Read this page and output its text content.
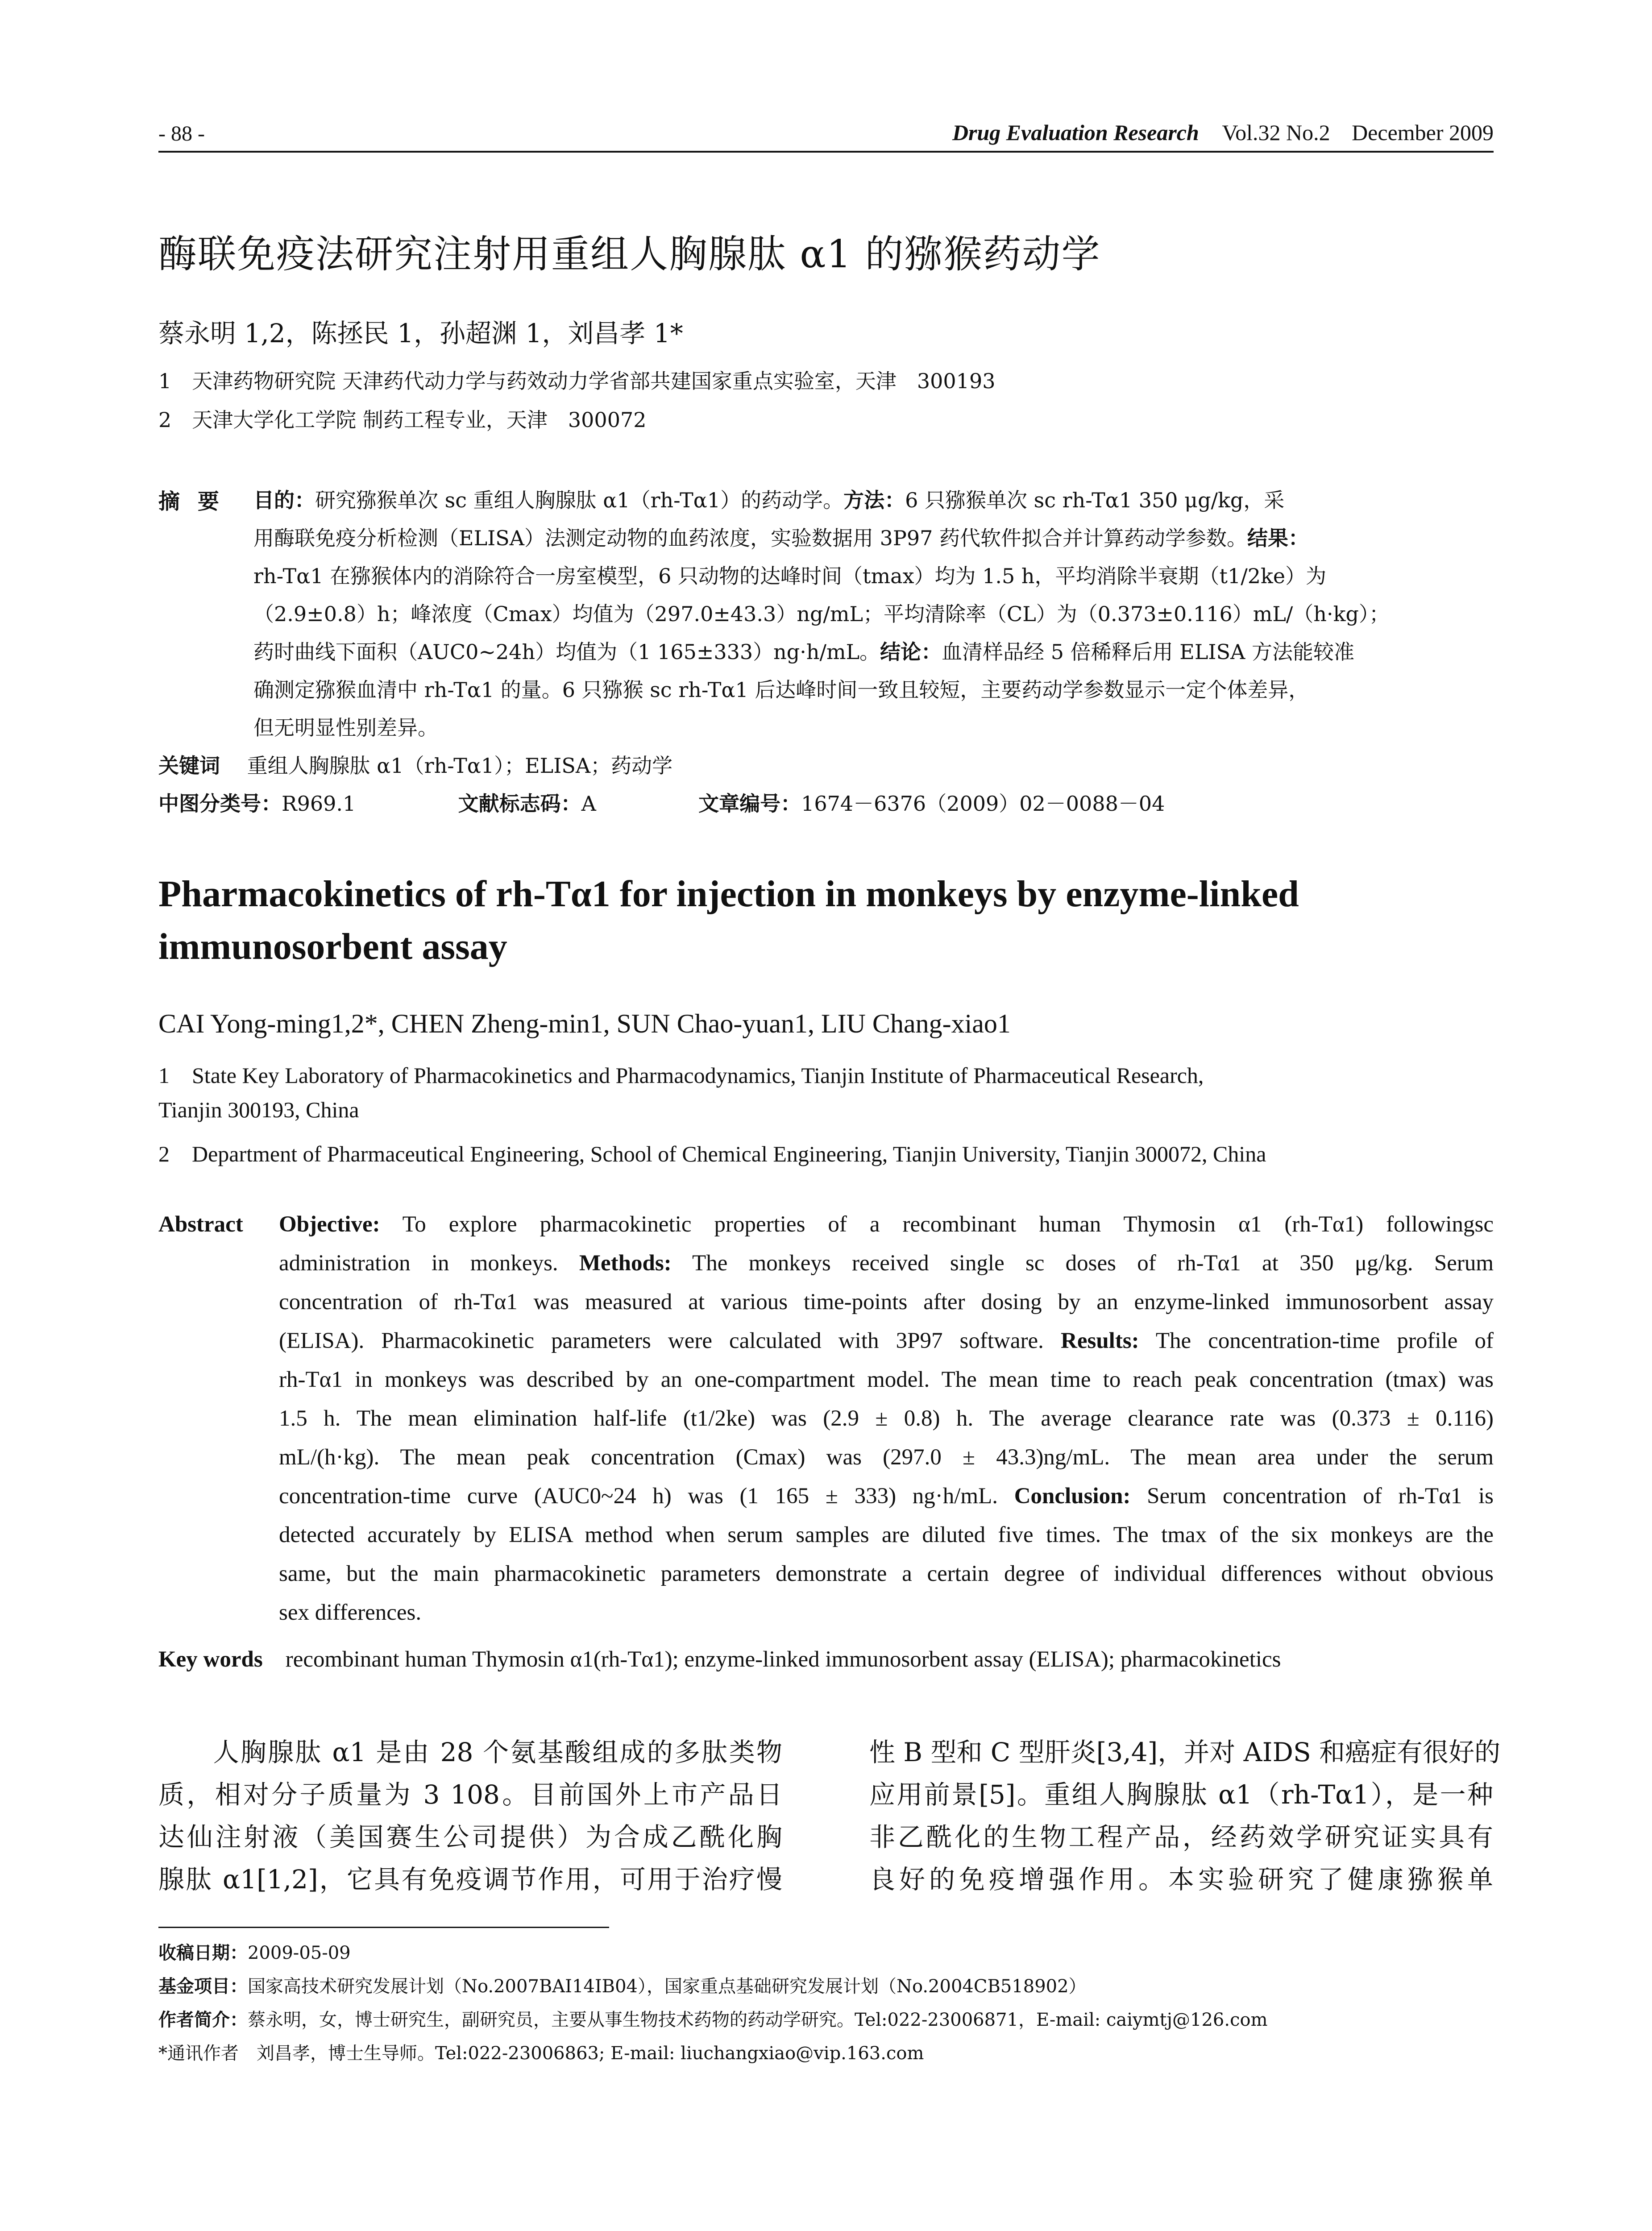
- 88 -	Drug Evaluation Research Vol.32 No.2 December 2009
酶联免疫法研究注射用重组人胸腺肽 α1 的猕猴药动学
蔡永明 1,2，陈拯民 1，孙超渊 1，刘昌孝 1*
1　天津药物研究院 天津药代动力学与药效动力学省部共建国家重点实验室，天津　300193
2　天津大学化工学院 制药工程专业，天津　300072
摘要 目的：研究猕猴单次 sc 重组人胸腺肽 α1（rh-Tα1）的药动学。方法：6 只猕猴单次 sc rh-Tα1 350 μg/kg，采
用酶联免疫分析检测（ELISA）法测定动物的血药浓度，实验数据用 3P97 药代软件拟合并计算药动学参数。结果：
rh-Tα1 在猕猴体内的消除符合一房室模型，6 只动物的达峰时间（tmax）均为 1.5 h，平均消除半衰期（t1/2ke）为
（2.9±0.8）h；峰浓度（Cmax）均值为（297.0±43.3）ng/mL；平均清除率（CL）为（0.373±0.116）mL/（h·kg）；
药时曲线下面积（AUC0~24h）均值为（1 165±333）ng·h/mL。结论：血清样品经 5 倍稀释后用 ELISA 方法能较准
确测定猕猴血清中 rh-Tα1 的量。6 只猕猴 sc rh-Tα1 后达峰时间一致且较短，主要药动学参数显示一定个体差异，
但无明显性别差异。
关键词　 重组人胸腺肽 α1（rh-Tα1）；ELISA；药动学
中图分类号：R969.1	文献标志码：A	文章编号：1674－6376（2009）02－0088－04
Pharmacokinetics of rh-Tα1 for injection in monkeys by enzyme-linked immunosorbent assay
CAI Yong-ming1,2*, CHEN Zheng-min1, SUN Chao-yuan1, LIU Chang-xiao1
1　State Key Laboratory of Pharmacokinetics and Pharmacodynamics, Tianjin Institute of Pharmaceutical Research,
Tianjin 300193, China
2　Department of Pharmaceutical Engineering, School of Chemical Engineering, Tianjin University, Tianjin 300072, China
Abstract Objective: To explore pharmacokinetic properties of a recombinant human Thymosin α1 (rh-Tα1) followingsc
administration in monkeys. Methods: The monkeys received single sc doses of rh-Tα1 at 350 μg/kg. Serum
concentration of rh-Tα1 was measured at various time-points after dosing by an enzyme-linked immunosorbent assay
(ELISA). Pharmacokinetic parameters were calculated with 3P97 software. Results: The concentration-time profile of
rh-Tα1 in monkeys was described by an one-compartment model. The mean time to reach peak concentration (tmax) was
1.5 h. The mean elimination half-life (t1/2ke) was (2.9 ± 0.8) h. The average clearance rate was (0.373 ± 0.116)
mL/(h·kg). The mean peak concentration (Cmax) was (297.0 ± 43.3)ng/mL. The mean area under the serum
concentration-time curve (AUC0~24 h) was (1 165 ± 333) ng·h/mL. Conclusion: Serum concentration of rh-Tα1 is
detected accurately by ELISA method when serum samples are diluted five times. The tmax of the six monkeys are the
same, but the main pharmacokinetic parameters demonstrate a certain degree of individual differences without obvious
sex differences.
Key words recombinant human Thymosin α1(rh-Tα1); enzyme-linked immunosorbent assay (ELISA); pharmacokinetics
　　人胸腺肽 α1 是由 28 个氨基酸组成的多肽类物
质，相对分子质量为 3 108。目前国外上市产品日
达仙注射液（美国赛生公司提供）为合成乙酰化胸
腺肽 α1[1,2]，它具有免疫调节作用，可用于治疗慢
性 B 型和 C 型肝炎[3,4]，并对 AIDS 和癌症有很好的
应用前景[5]。重组人胸腺肽 α1（rh-Tα1），是一种
非乙酰化的生物工程产品，经药效学研究证实具有
良好的免疫增强作用。本实验研究了健康猕猴单
收稿日期：2009-05-09
基金项目：国家高技术研究发展计划（No.2007BAI14IB04），国家重点基础研究发展计划（No.2004CB518902）
作者简介：蔡永明，女，博士研究生，副研究员，主要从事生物技术药物的药动学研究。Tel:022-23006871，E-mail: caiymtj@126.com
*通讯作者　刘昌孝，博士生导师。Tel:022-23006863; E-mail: liuchangxiao@vip.163.com
